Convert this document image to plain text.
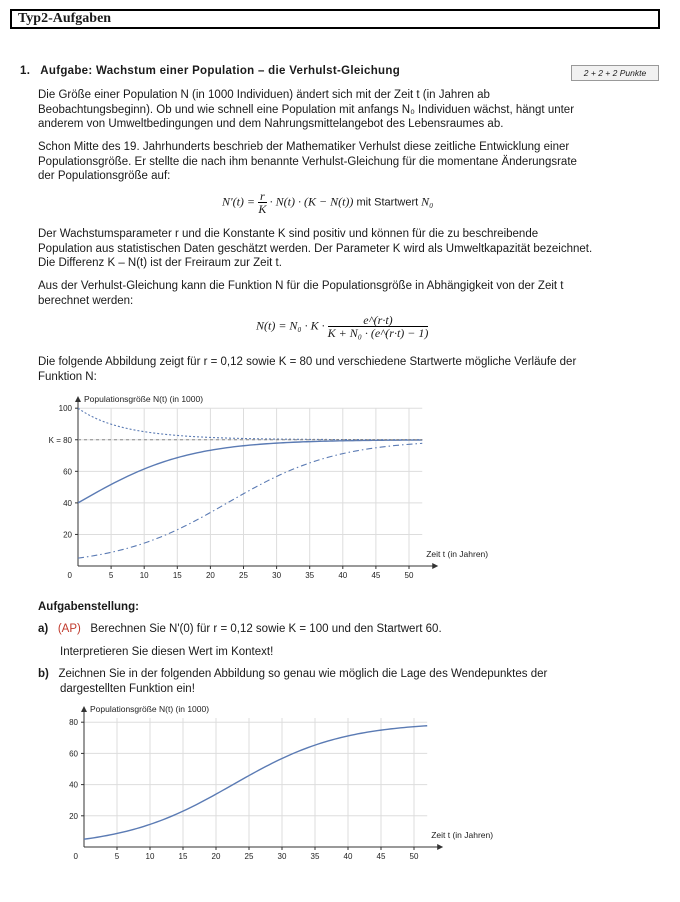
Typ2-Aufgaben
1. Aufgabe: Wachstum einer Population – die Verhulst-Gleichung	2 + 2 + 2 Punkte

Die Größe einer Population N (in 1000 Individuen) ändert sich mit der Zeit t (in Jahren ab
Beobachtungsbeginn). Ob und wie schnell eine Population mit anfangs N₀ Individuen wächst, hängt unter
anderem von Umweltbedingungen und dem Nahrungsmittelangebot des Lebensraumes ab.

Schon Mitte des 19. Jahrhunderts beschrieb der Mathematiker Verhulst diese zeitliche Entwicklung einer
Populationsgröße. Er stellte die nach ihm benannte Verhulst-Gleichung für die momentane Änderungsrate
der Populationsgröße auf:

$N'(t) = \frac{r}{K} \cdot N(t) \cdot (K - N(t))$ mit Startwert N₀

Der Wachstumsparameter r und die Konstante K sind positiv und können für die zu beschreibende
Population aus statistischen Daten geschätzt werden. Der Parameter K wird als Umweltkapazität bezeichnet.
Die Differenz K – N(t) ist der Freiraum zur Zeit t.

Aus der Verhulst-Gleichung kann die Funktion N für die Populationsgröße in Abhängigkeit von der Zeit t
berechnet werden:

$N(t) = N_0 \cdot K \cdot \frac{e\^{}(r\cdot t)}{\text{K + N₀ · (e\textasciicircum{}(r·t) − 1)}}$

Die folgende Abbildung zeigt für r = 0,12 sowie K = 80 und verschiedene Startwerte mögliche Verläufe der
Funktion N:

5	10	15	20	25	30	35	40	45	50
20
40
60
K = 80
100
0
Populationsgröße N(t) (in 1000)
Zeit t (in Jahren)
Aufgabenstellung:
a) (AP) Berechnen Sie N'(0) für r = 0,12 sowie K = 100 und den Startwert 60.
Interpretieren Sie diesen Wert im Kontext!
b) Zeichnen Sie in der folgenden Abbildung so genau wie möglich die Lage des Wendepunktes der
dargestellten Funktion ein!
5	10	15	20	25	30	35	40	45	50
20
40
60
80
0
Populationsgröße N(t) (in 1000)
Zeit t (in Jahren)
